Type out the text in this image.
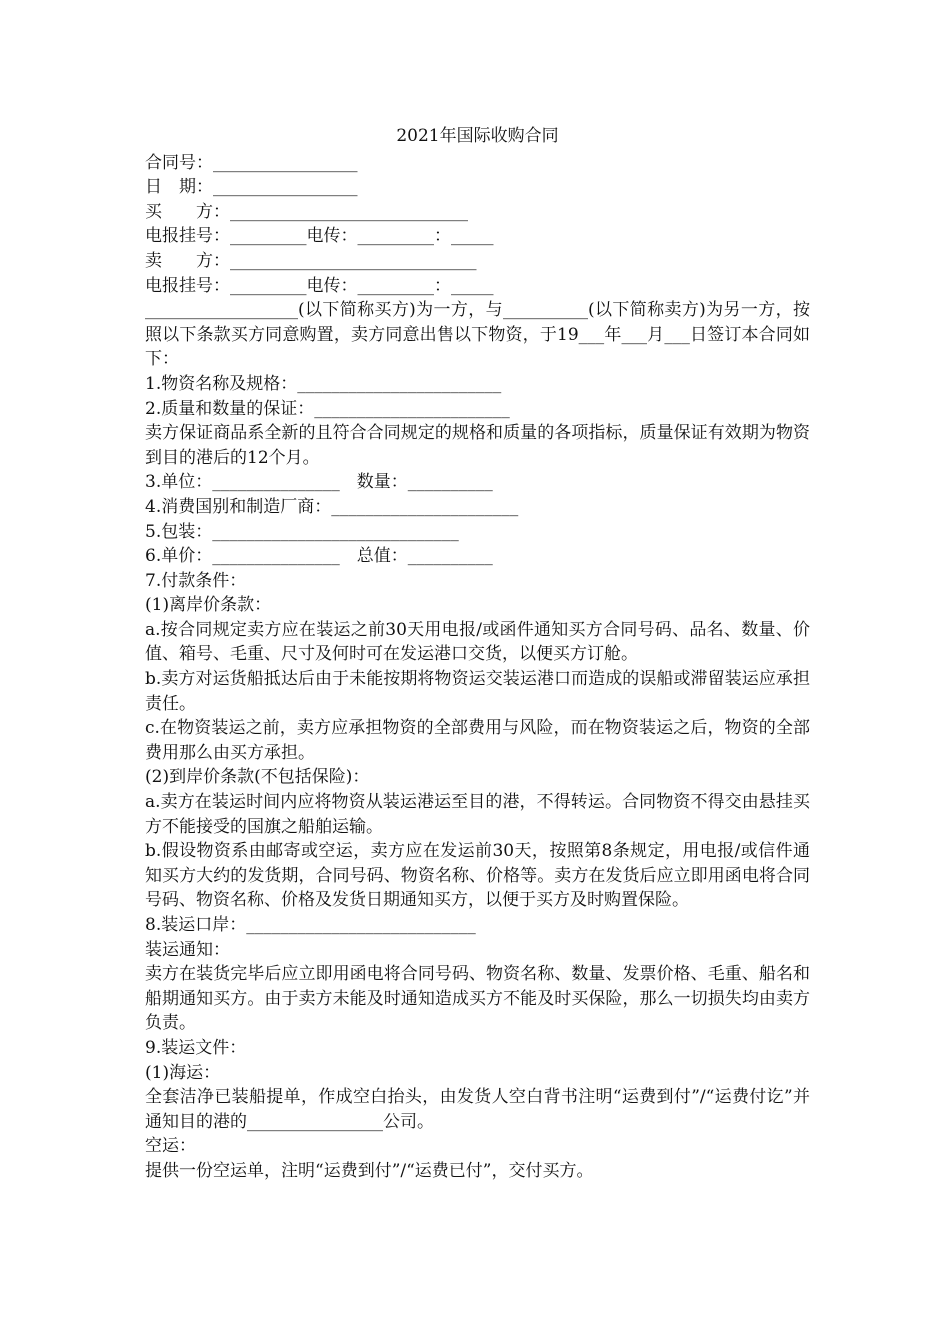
2021年国际收购合同
合同号：_________________
日　期：_________________
买　　方：____________________________
电报挂号：_________电传：_________：_____
卖　　方：_____________________________
电报挂号：_________电传：_________：_____

__________________(以下简称买方)为一方，与__________(以下简称卖方)为另一方，按照以下条款买方同意购置，卖方同意出售以下物资，于19___年___月___日签订本合同如下：

1.物资名称及规格：________________________
2.质量和数量的保证：_______________________

卖方保证商品系全新的且符合合同规定的规格和质量的各项指标，质量保证有效期为物资到目的港后的12个月。

3.单位：_______________　数量：__________
4.消费国别和制造厂商：______________________
5.包装：_____________________________
6.单价：_______________　总值：__________
7.付款条件：
(1)离岸价条款：

a.按合同规定卖方应在装运之前30天用电报/或函件通知买方合同号码、品名、数量、价值、箱号、毛重、尺寸及何时可在发运港口交货，以便买方订舱。

b.卖方对运货船抵达后由于未能按期将物资运交装运港口而造成的误船或滞留装运应承担责任。

c.在物资装运之前，卖方应承担物资的全部费用与风险，而在物资装运之后，物资的全部费用那么由买方承担。

(2)到岸价条款(不包括保险)：

a.卖方在装运时间内应将物资从装运港运至目的港，不得转运。合同物资不得交由悬挂买方不能接受的国旗之船舶运输。

b.假设物资系由邮寄或空运，卖方应在发运前30天，按照第8条规定，用电报/或信件通知买方大约的发货期，合同号码、物资名称、价格等。卖方在发货后应立即用函电将合同号码、物资名称、价格及发货日期通知买方，以便于买方及时购置保险。

8.装运口岸：___________________________
装运通知：

卖方在装货完毕后应立即用函电将合同号码、物资名称、数量、发票价格、毛重、船名和船期通知买方。由于卖方未能及时通知造成买方不能及时买保险，那么一切损失均由卖方负责。

9.装运文件：
(1)海运：

全套洁净已装船提单，作成空白抬头，由发货人空白背书注明“运费到付”/“运费付讫”并通知目的港的________________公司。

空运：

提供一份空运单，注明“运费到付”/“运费已付”，交付买方。
